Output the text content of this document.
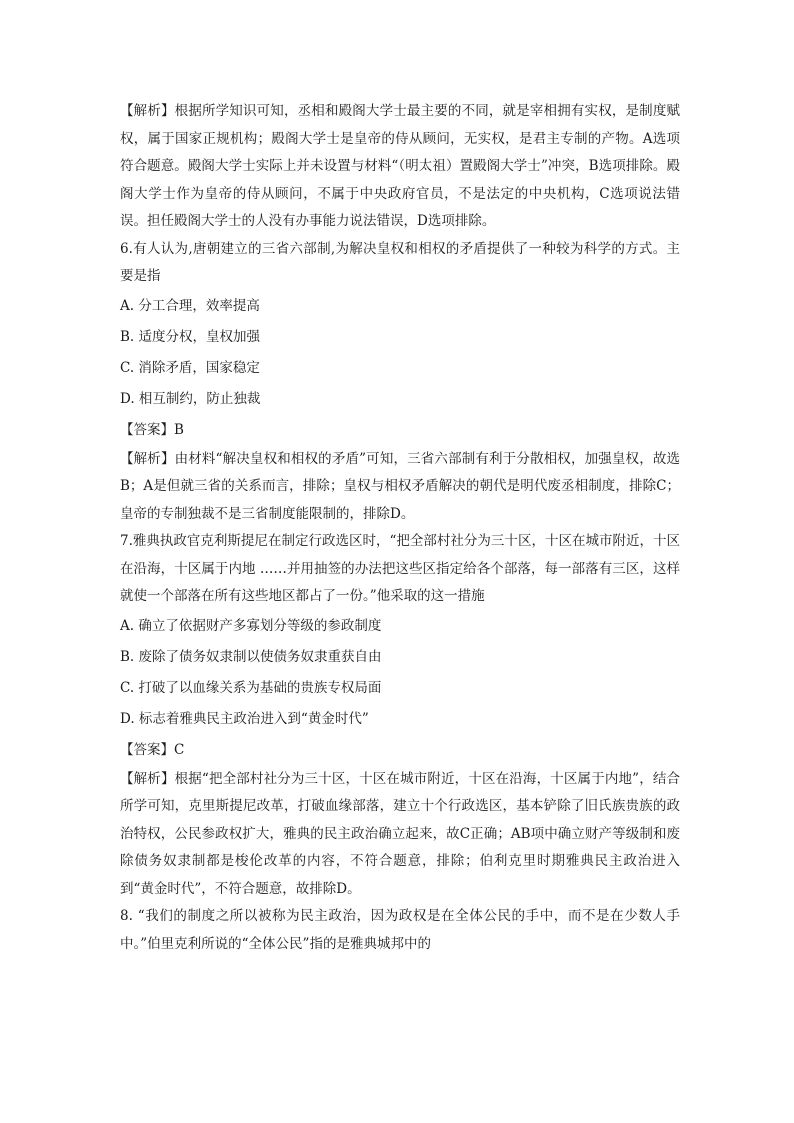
【解析】根据所学知识可知，丞相和殿阁大学士最主要的不同，就是宰相拥有实权，是制度赋权，属于国家正规机构；殿阁大学士是皇帝的侍从顾问，无实权，是君主专制的产物。A选项符合题意。殿阁大学士实际上并未设置与材料“（明太祖）置殿阁大学士”冲突，B选项排除。殿阁大学士作为皇帝的侍从顾问，不属于中央政府官员，不是法定的中央机构，C选项说法错误。担任殿阁大学士的人没有办事能力说法错误，D选项排除。

6.有人认为,唐朝建立的三省六部制,为解决皇权和相权的矛盾提供了一种较为科学的方式。主要是指

A. 分工合理，效率提高

B. 适度分权，皇权加强

C. 消除矛盾，国家稳定

D. 相互制约，防止独裁

【答案】B

【解析】由材料“解决皇权和相权的矛盾”可知，三省六部制有利于分散相权，加强皇权，故选B；A是但就三省的关系而言，排除；皇权与相权矛盾解决的朝代是明代废丞相制度，排除C；皇帝的专制独裁不是三省制度能限制的，排除D。

7.雅典执政官克利斯提尼在制定行政选区时，“把全部村社分为三十区，十区在城市附近，十区在沿海，十区属于内地 ……并用抽签的办法把这些区指定给各个部落，每一部落有三区，这样就使一个部落在所有这些地区都占了一份。”他采取的这一措施

A. 确立了依据财产多寡划分等级的参政制度

B. 废除了债务奴隶制以使债务奴隶重获自由

C. 打破了以血缘关系为基础的贵族专权局面

D. 标志着雅典民主政治进入到“黄金时代”

【答案】C

【解析】根据“把全部村社分为三十区，十区在城市附近，十区在沿海，十区属于内地”，结合所学可知，克里斯提尼改革，打破血缘部落，建立十个行政选区，基本铲除了旧氏族贵族的政治特权，公民参政权扩大，雅典的民主政治确立起来，故C正确；AB项中确立财产等级制和废除债务奴隶制都是梭伦改革的内容，不符合题意，排除；伯利克里时期雅典民主政治进入到“黄金时代”，不符合题意，故排除D。

8. “我们的制度之所以被称为民主政治，因为政权是在全体公民的手中，而不是在少数人手中。”伯里克利所说的“全体公民”指的是雅典城邦中的
